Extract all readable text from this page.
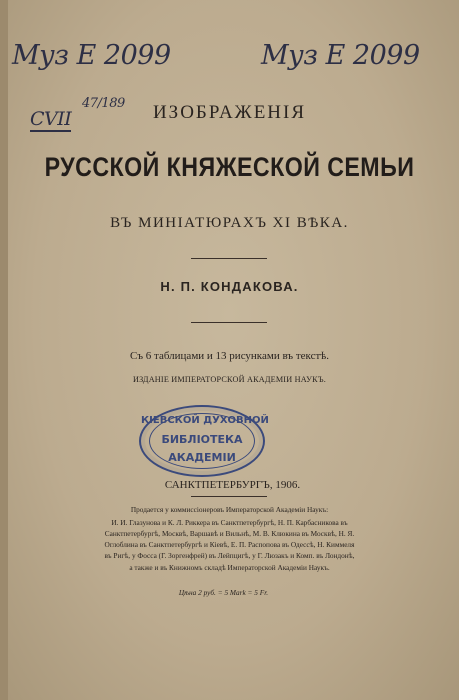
Муз Е 2099	Муз Е 2099
СVII
47/189	ИЗОБРАЖЕНІЯ
РУССКОЙ КНЯЖЕСКОЙ СЕМЬИ
ВЪ МИНІАТЮРАХЪ XI ВѢКА.
Н. П. КОНДАКОВА.
Съ 6 таблицами и 13 рисунками въ текстѣ.
ИЗДАНІЕ ИМПЕРАТОРСКОЙ АКАДЕМІИ НАУКЪ.
КІЕВСКОЙ ДУХОВНОЙ
БИБЛІОТЕКА
АКАДЕМІИ
САНКТПЕТЕРБУРГЪ, 1906.
Продается у коммиссіонеровъ Императорской Академіи Наукъ:
И. И. Глазунова и К. Л. Риккера въ Санктпетербургѣ, Н. П. Карбасникова въ
Санктпетербургѣ, Москвѣ, Варшавѣ и Вильнѣ, М. В. Клюкина въ Москвѣ, Н. Я.
Оглоблина въ Санктпетербургѣ и Кіевѣ, Е. П. Распопова въ Одессѣ, Н. Киммеля
въ Ригѣ, у Фосса (Г. Зоргенфрей) въ Лейпцигѣ, у Г. Люзакъ и Комп. въ Лондонѣ,
а также и въ Книжномъ складѣ Императорской Академіи Наукъ.
Цѣна 2 руб. = 5 Mark = 5 Fr.
